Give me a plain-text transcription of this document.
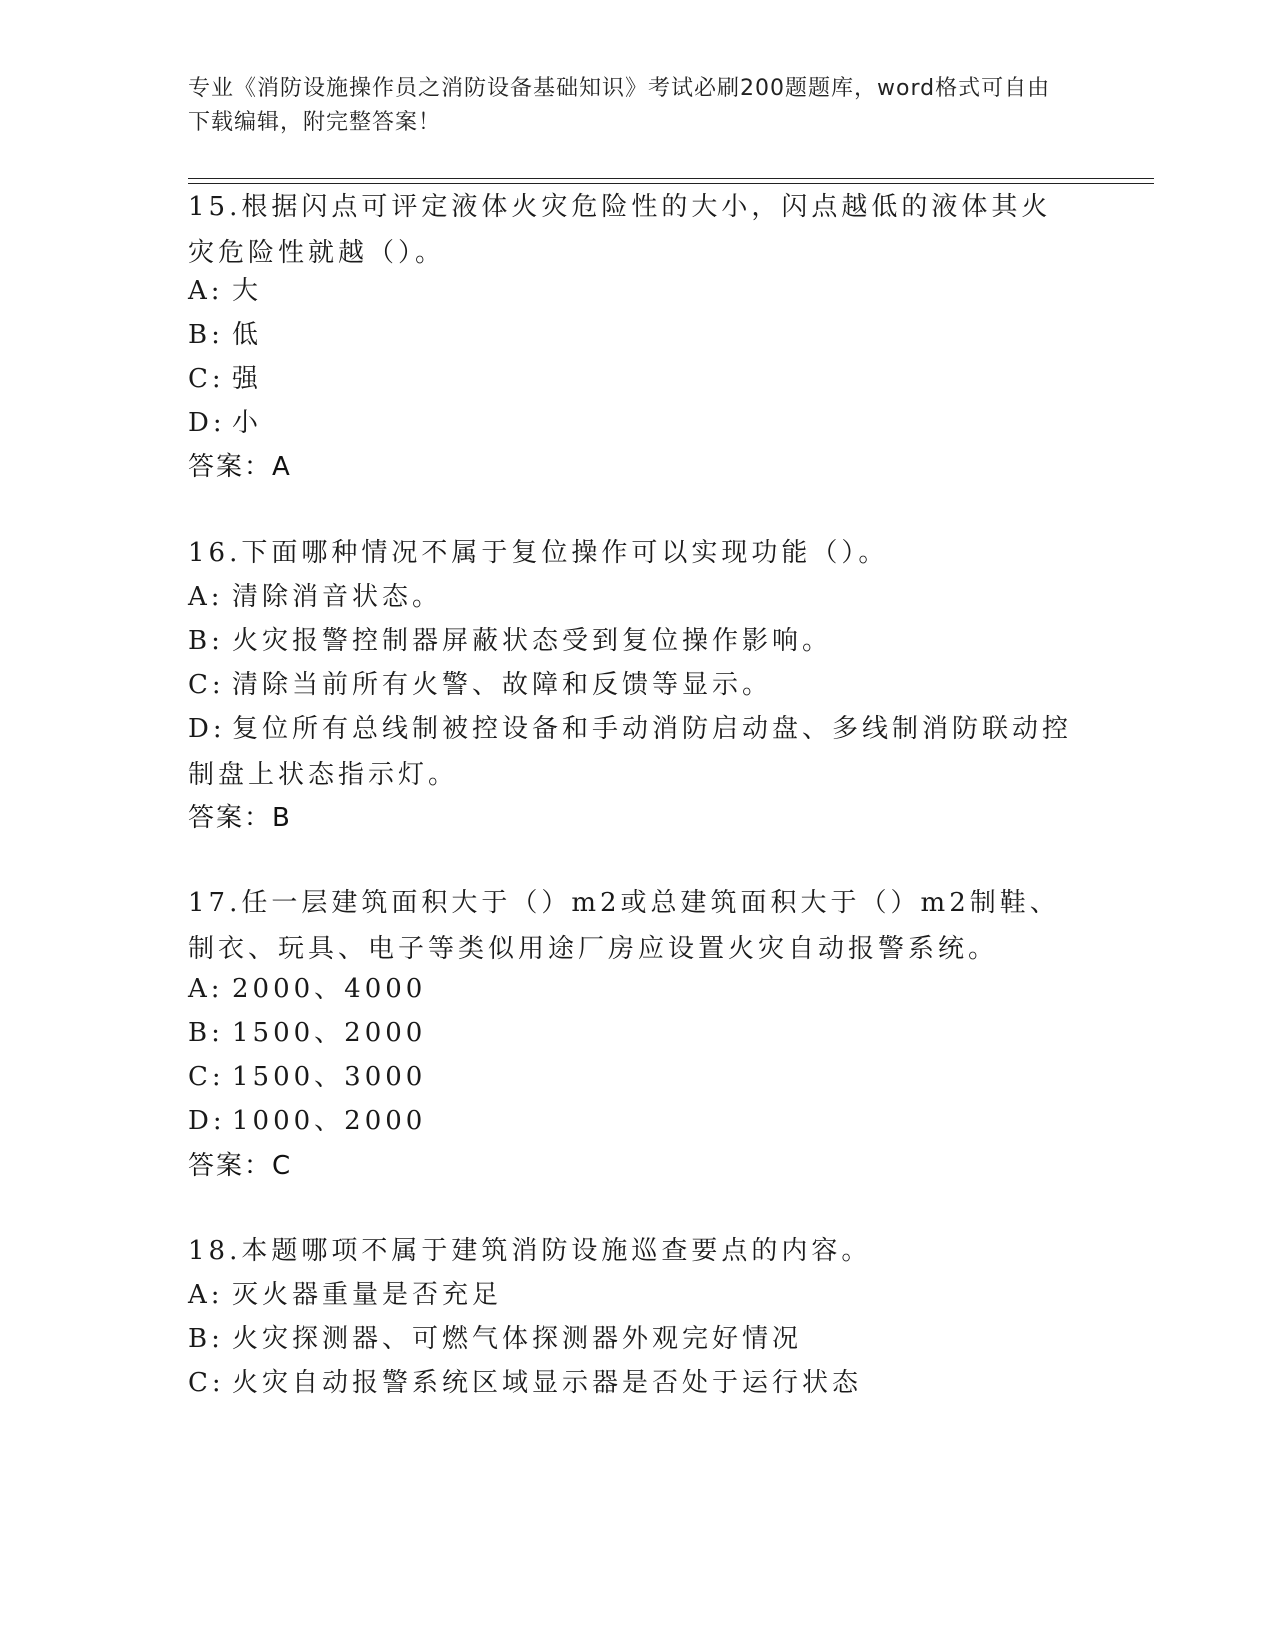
专业《消防设施操作员之消防设备基础知识》考试必刷200题题库，word格式可自由下载编辑，附完整答案！
15.根据闪点可评定液体火灾危险性的大小，闪点越低的液体其火灾危险性就越（）。
A: 大
B: 低
C: 强
D: 小
答案：A
16.下面哪种情况不属于复位操作可以实现功能（）。
A: 清除消音状态。
B: 火灾报警控制器屏蔽状态受到复位操作影响。
C: 清除当前所有火警、故障和反馈等显示。
D: 复位所有总线制被控设备和手动消防启动盘、多线制消防联动控制盘上状态指示灯。
答案：B
17.任一层建筑面积大于（）m2或总建筑面积大于（）m2制鞋、制衣、玩具、电子等类似用途厂房应设置火灾自动报警系统。
A: 2000、4000
B: 1500、2000
C: 1500、3000
D: 1000、2000
答案：C
18.本题哪项不属于建筑消防设施巡查要点的内容。
A: 灭火器重量是否充足
B: 火灾探测器、可燃气体探测器外观完好情况
C: 火灾自动报警系统区域显示器是否处于运行状态
